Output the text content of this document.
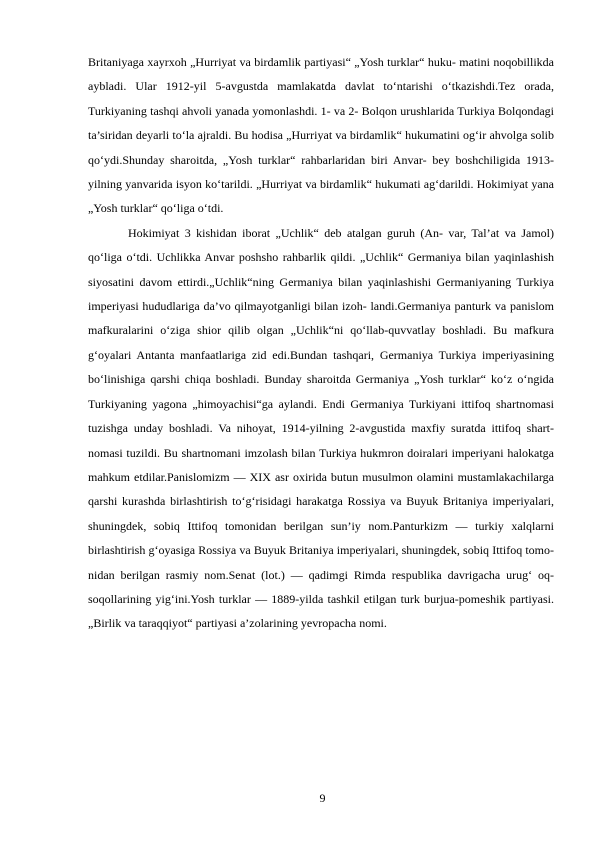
Britaniyaga xayrxoh „Hurriyat va birdamlik partiyasi“ „Yosh turklar“ huku- matini noqobillikda aybladi. Ular 1912-yil 5-avgustda mamlakatda davlat to‘ntarishi o‘tkazishdi.Tez orada, Turkiyaning tashqi ahvoli yanada yomonlashdi. 1- va 2- Bolqon urushlarida Turkiya Bolqondagi ta’siridan deyarli to‘la ajraldi. Bu hodisa „Hurriyat va birdamlik“ hukumatini og‘ir ahvolga solib qo‘ydi.Shunday sharoitda, „Yosh turklar“ rahbarlaridan biri Anvar- bey boshchiligida 1913-yilning yanvarida isyon ko‘tarildi. „Hurriyat va birdamlik“ hukumati ag‘darildi. Hokimiyat yana „Yosh turklar“ qo‘liga o‘tdi.

Hokimiyat 3 kishidan iborat „Uchlik“ deb atalgan guruh (An- var, Tal’at va Jamol) qo‘liga o‘tdi. Uchlikka Anvar poshsho rahbarlik qildi. „Uchlik“ Germaniya bilan yaqinlashish siyosatini davom ettirdi.„Uchlik“ning Germaniya bilan yaqinlashishi Germaniyaning Turkiya imperiyasi hududlariga da’vo qilmayotganligi bilan izoh- landi.Germaniya panturk va panislom mafkuralarini o‘ziga shior qilib olgan „Uchlik“ni qo‘llab-quvvatlay boshladi. Bu mafkura g‘oyalari Antanta manfaatlariga zid edi.Bundan tashqari, Germaniya Turkiya imperiyasining bo‘linishiga qarshi chiqa boshladi. Bunday sharoitda Germaniya „Yosh turklar“ ko‘z o‘ngida Turkiyaning yagona „himoyachisi“ga aylandi. Endi Germaniya Turkiyani ittifoq shartnomasi tuzishga unday boshladi. Va nihoyat, 1914-yilning 2-avgustida maxfiy suratda ittifoq shart- nomasi tuzildi. Bu shartnomani imzolash bilan Turkiya hukmron doiralari imperiyani halokatga mahkum etdilar.Panislomizm — XIX asr oxirida butun musulmon olamini mustamlakachilarga qarshi kurashda birlashtirish to‘g‘risidagi harakatga Rossiya va Buyuk Britaniya imperiyalari, shuningdek, sobiq Ittifoq tomonidan berilgan sun’iy nom.Panturkizm — turkiy xalqlarni birlashtirish g‘oyasiga Rossiya va Buyuk Britaniya imperiyalari, shuningdek, sobiq Ittifoq tomo- nidan berilgan rasmiy nom.Senat (lot.) — qadimgi Rimda respublika davrigacha urug‘ oq- soqollarining yig‘ini.Yosh turklar — 1889-yilda tashkil etilgan turk burjua-pomeshik partiyasi. „Birlik va taraqqiyot“ partiyasi a’zolarining yevropacha nomi.

9
